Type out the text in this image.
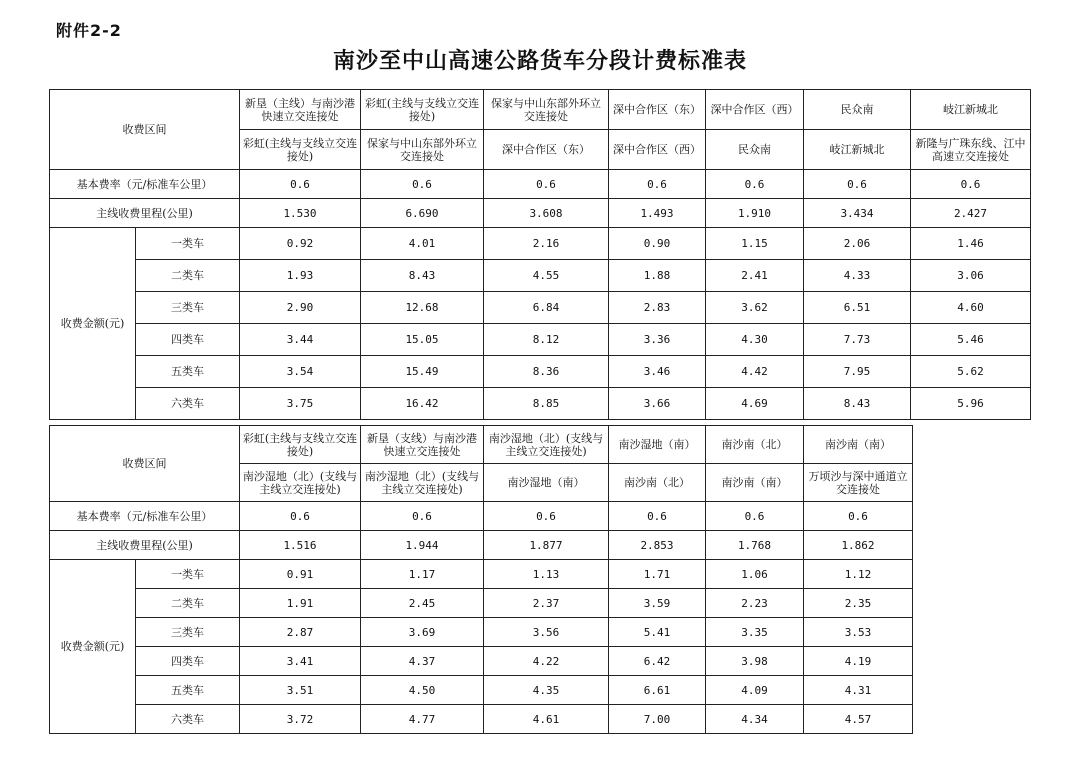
附件2-2
南沙至中山高速公路货车分段计费标准表
收费区间		新垦（主线）与南沙港快速立交连接处	彩虹(主线与支线立交连接处)	保家与中山东部外环立交连接处	深中合作区（东）	深中合作区（西）	民众南	岐江新城北
		彩虹(主线与支线立交连接处)	保家与中山东部外环立交连接处	深中合作区（东）	深中合作区（西）	民众南	岐江新城北	新隆与广珠东线、江中高速立交连接处
基本费率（元/标准车公里）		0.6	0.6	0.6	0.6	0.6	0.6	0.6
主线收费里程(公里)		1.530	6.690	3.608	1.493	1.910	3.434	2.427
收费金额(元)	一类车	0.92	4.01	2.16	0.90	1.15	2.06	1.46
	二类车	1.93	8.43	4.55	1.88	2.41	4.33	3.06
	三类车	2.90	12.68	6.84	2.83	3.62	6.51	4.60
	四类车	3.44	15.05	8.12	3.36	4.30	7.73	5.46
	五类车	3.54	15.49	8.36	3.46	4.42	7.95	5.62
	六类车	3.75	16.42	8.85	3.66	4.69	8.43	5.96
收费区间		彩虹(主线与支线立交连接处)	新垦（支线）与南沙港快速立交连接处	南沙湿地（北）(支线与主线立交连接处)	南沙湿地（南）	南沙南（北）	南沙南（南）
		南沙湿地（北）(支线与主线立交连接处)	南沙湿地（北）(支线与主线立交连接处)	南沙湿地（南）	南沙南（北）	南沙南（南）	万顷沙与深中通道立交连接处
基本费率（元/标准车公里）		0.6	0.6	0.6	0.6	0.6	0.6
主线收费里程(公里)		1.516	1.944	1.877	2.853	1.768	1.862
收费金额(元)	一类车	0.91	1.17	1.13	1.71	1.06	1.12
	二类车	1.91	2.45	2.37	3.59	2.23	2.35
	三类车	2.87	3.69	3.56	5.41	3.35	3.53
	四类车	3.41	4.37	4.22	6.42	3.98	4.19
	五类车	3.51	4.50	4.35	6.61	4.09	4.31
	六类车	3.72	4.77	4.61	7.00	4.34	4.57
